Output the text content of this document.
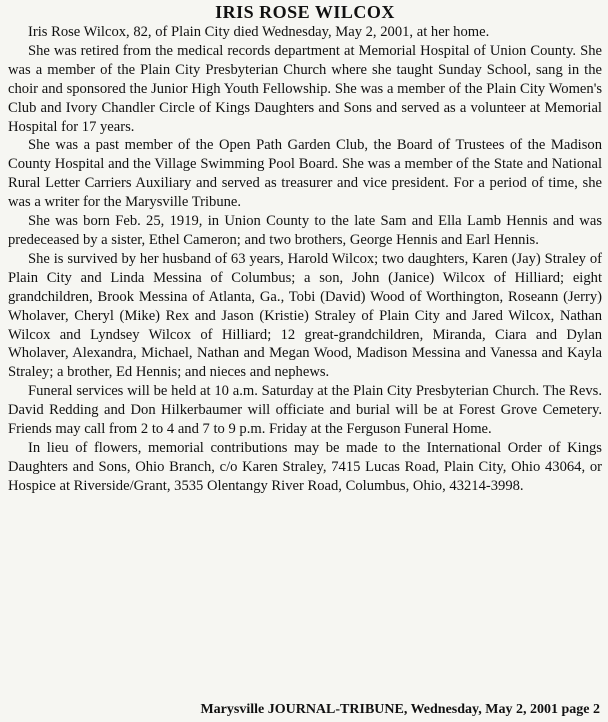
IRIS ROSE WILCOX

Iris Rose Wilcox, 82, of Plain City died Wednesday, May 2, 2001, at her home.

She was retired from the medical records department at Memorial Hospital of Union County. She was a member of the Plain City Presbyterian Church where she taught Sunday School, sang in the choir and sponsored the Junior High Youth Fellowship. She was a member of the Plain City Women's Club and Ivory Chandler Circle of Kings Daughters and Sons and served as a volunteer at Memorial Hospital for 17 years.

She was a past member of the Open Path Garden Club, the Board of Trustees of the Madison County Hospital and the Village Swimming Pool Board. She was a member of the State and National Rural Letter Carriers Auxiliary and served as treasurer and vice president. For a period of time, she was a writer for the Marysville Tribune.

She was born Feb. 25, 1919, in Union County to the late Sam and Ella Lamb Hennis and was predeceased by a sister, Ethel Cameron; and two brothers, George Hennis and Earl Hennis.

She is survived by her husband of 63 years, Harold Wilcox; two daughters, Karen (Jay) Straley of Plain City and Linda Messina of Columbus; a son, John (Janice) Wilcox of Hilliard; eight grandchildren, Brook Messina of Atlanta, Ga., Tobi (David) Wood of Worthington, Roseann (Jerry) Wholaver, Cheryl (Mike) Rex and Jason (Kristie) Straley of Plain City and Jared Wilcox, Nathan Wilcox and Lyndsey Wilcox of Hilliard; 12 great-grandchildren, Miranda, Ciara and Dylan Wholaver, Alexandra, Michael, Nathan and Megan Wood, Madison Messina and Vanessa and Kayla Straley; a brother, Ed Hennis; and nieces and nephews.

Funeral services will be held at 10 a.m. Saturday at the Plain City Presbyterian Church. The Revs. David Redding and Don Hilkerbaumer will officiate and burial will be at Forest Grove Cemetery. Friends may call from 2 to 4 and 7 to 9 p.m. Friday at the Ferguson Funeral Home.

In lieu of flowers, memorial contributions may be made to the International Order of Kings Daughters and Sons, Ohio Branch, c/o Karen Straley, 7415 Lucas Road, Plain City, Ohio 43064, or Hospice at Riverside/Grant, 3535 Olentangy River Road, Columbus, Ohio, 43214-3998.

Marysville JOURNAL-TRIBUNE, Wednesday, May 2, 2001 page 2
